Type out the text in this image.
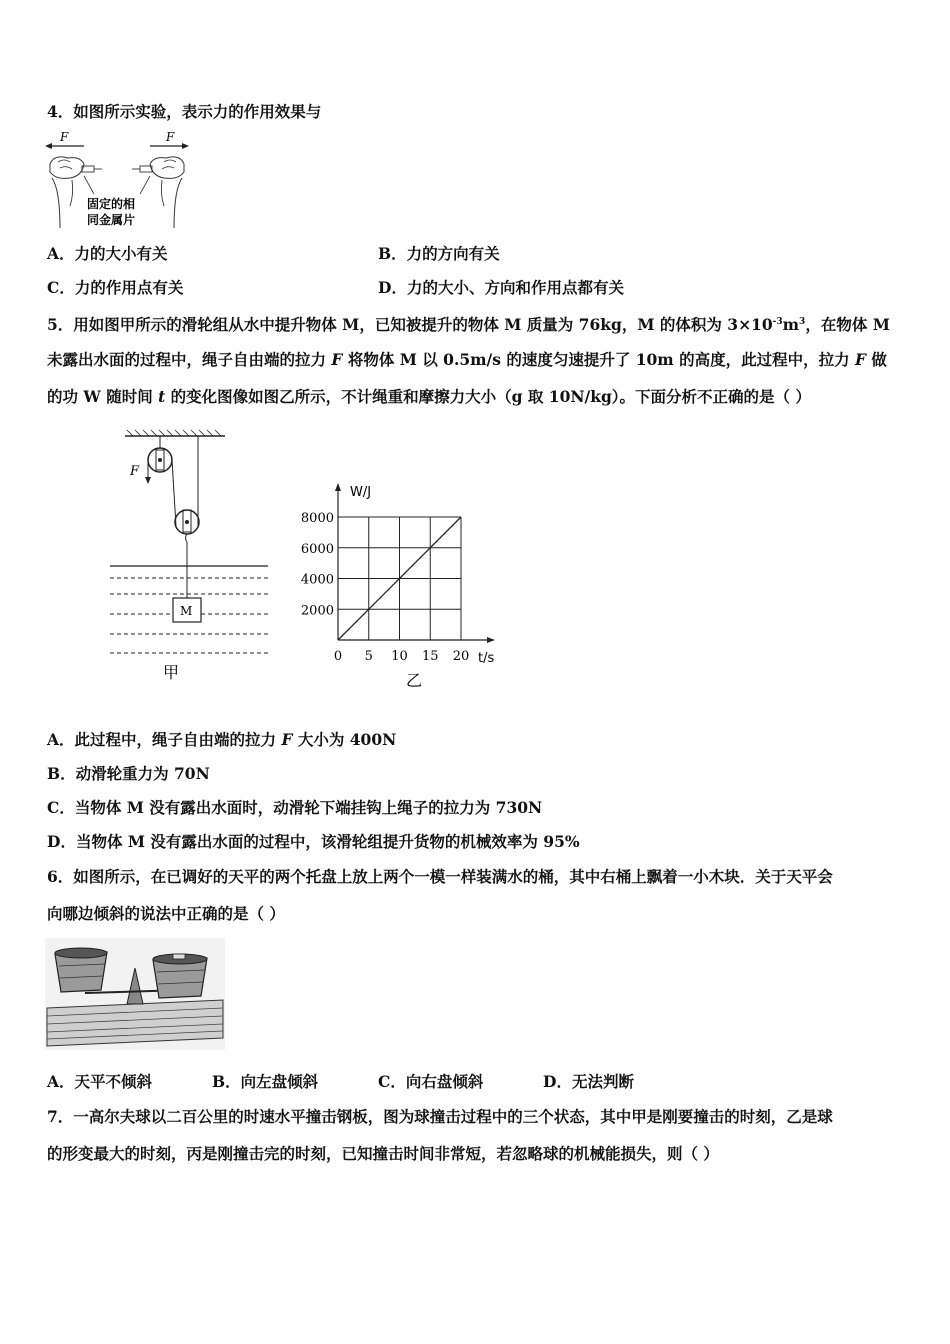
4．如图所示实验，表示力的作用效果与
F	F
固定的相
同金属片
A．力的大小有关	B．力的方向有关
C．力的作用点有关	D．力的大小、方向和作用点都有关
5．用如图甲所示的滑轮组从水中提升物体 M，已知被提升的物体 M 质量为 76kg，M 的体积为 $3\times 10^{-3}m^3$，在物体 M
未露出水面的过程中，绳子自由端的拉力 F 将物体 M 以 0.5m/s 的速度匀速提升了 10m 的高度，此过程中，拉力 F 做
的功 W 随时间 t 的变化图像如图乙所示，不计绳重和摩擦力大小（g 取 10N/kg）。下面分析不正确的是（ ）
F
M
甲
W/J
t/s
乙
0 5 10 15 20
2000
4000
6000
8000
A．此过程中，绳子自由端的拉力 F 大小为 400N
B．动滑轮重力为 70N
C．当物体 M 没有露出水面时，动滑轮下端挂钩上绳子的拉力为 730N
D．当物体 M 没有露出水面的过程中，该滑轮组提升货物的机械效率为 95%
6．如图所示，在已调好的天平的两个托盘上放上两个一模一样装满水的桶，其中右桶上飘着一小木块．关于天平会
向哪边倾斜的说法中正确的是（ ）
A．天平不倾斜	B．向左盘倾斜	C．向右盘倾斜	D．无法判断
7．一高尔夫球以二百公里的时速水平撞击钢板，图为球撞击过程中的三个状态，其中甲是刚要撞击的时刻，乙是球
的形变最大的时刻，丙是刚撞击完的时刻，已知撞击时间非常短，若忽略球的机械能损失，则（ ）
